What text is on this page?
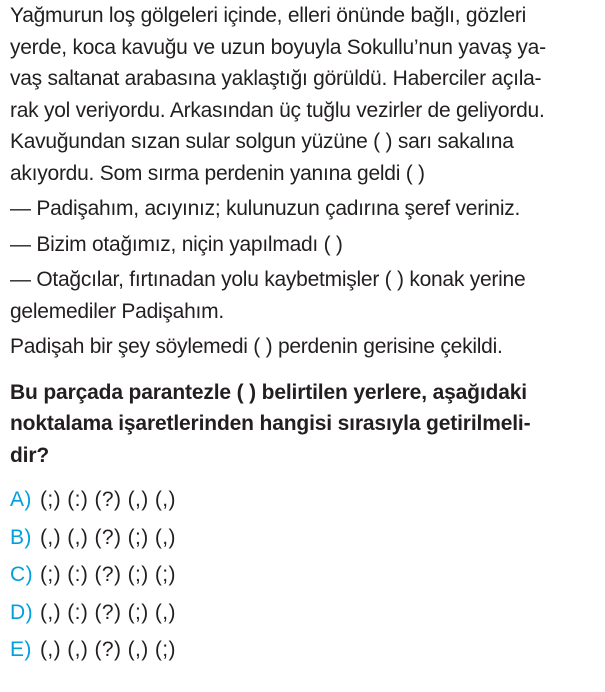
Yağmurun loş gölgeleri içinde, elleri önünde bağlı, gözleri
yerde, koca kavuğu ve uzun boyuyla Sokullu’nun yavaş ya-
vaş saltanat arabasına yaklaştığı görüldü. Haberciler açıla-
rak yol veriyordu. Arkasından üç tuğlu vezirler de geliyordu.
Kavuğundan sızan sular solgun yüzüne ( ) sarı sakalına
akıyordu. Som sırma perdenin yanına geldi ( )
— Padişahım, acıyınız; kulunuzun çadırına şeref veriniz.
— Bizim otağımız, niçin yapılmadı ( )
— Otağcılar, fırtınadan yolu kaybetmişler ( ) konak yerine
gelemediler Padişahım.
Padişah bir şey söylemedi ( ) perdenin gerisine çekildi.
Bu parçada parantezle ( ) belirtilen yerlere, aşağıdaki
noktalama işaretlerinden hangisi sırasıyla getirilmeli-
dir?
A) (;) (:) (?) (,) (,)
B) (,) (,) (?) (;) (,)
C) (;) (:) (?) (;) (;)
D) (,) (:) (?) (;) (,)
E) (,) (,) (?) (,) (;)
